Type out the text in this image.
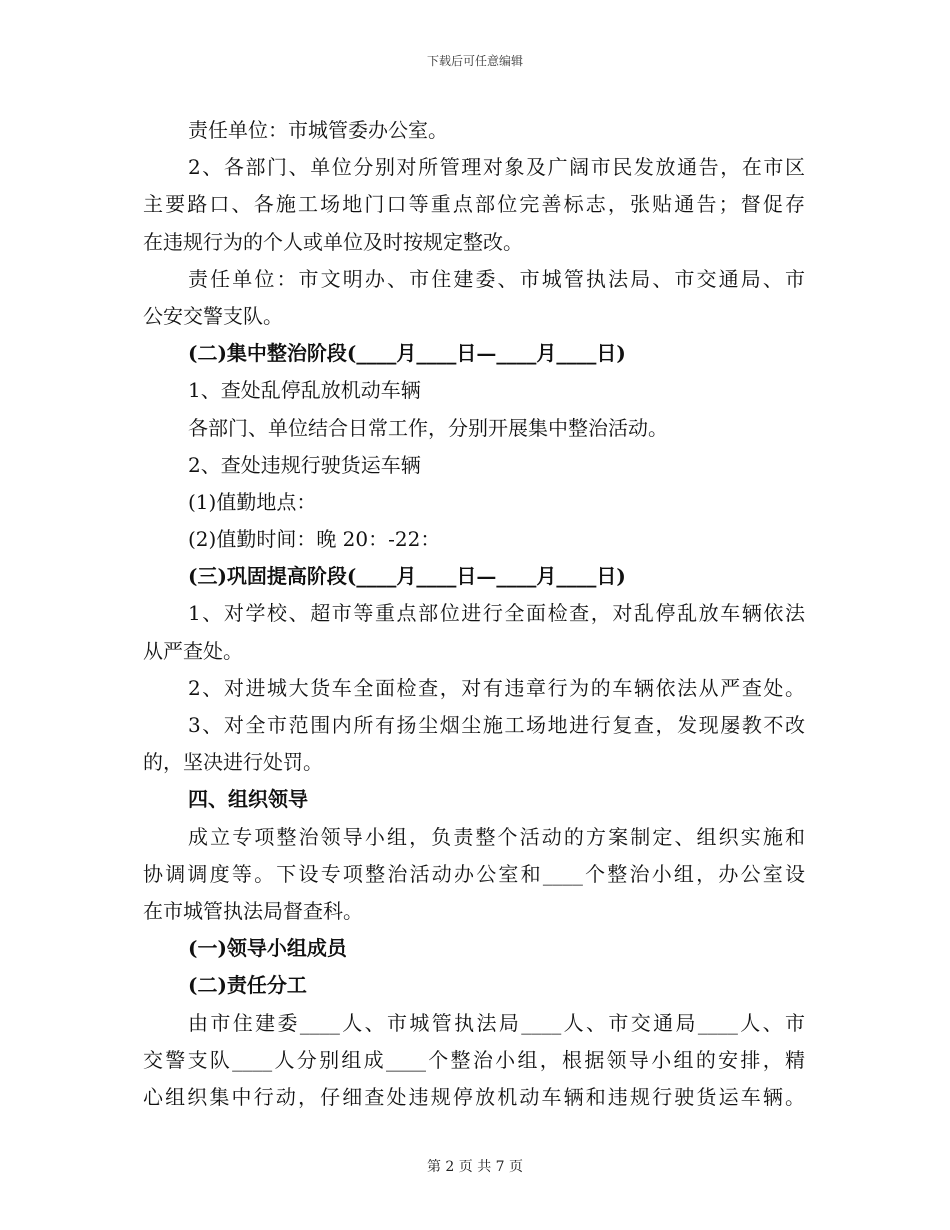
下载后可任意编辑
责任单位：市城管委办公室。
2、各部门、单位分别对所管理对象及广阔市民发放通告，在市区
主要路口、各施工场地门口等重点部位完善标志，张贴通告；督促存
在违规行为的个人或单位及时按规定整改。
责任单位：市文明办、市住建委、市城管执法局、市交通局、市
公安交警支队。
(二)集中整治阶段(____月____日—____月____日)
1、查处乱停乱放机动车辆
各部门、单位结合日常工作，分别开展集中整治活动。
2、查处违规行驶货运车辆
(1)值勤地点：
(2)值勤时间：晚 20：-22：
(三)巩固提高阶段(____月____日—____月____日)
1、对学校、超市等重点部位进行全面检查，对乱停乱放车辆依法
从严查处。
2、对进城大货车全面检查，对有违章行为的车辆依法从严查处。
3、对全市范围内所有扬尘烟尘施工场地进行复查，发现屡教不改
的，坚决进行处罚。
四、组织领导
成立专项整治领导小组，负责整个活动的方案制定、组织实施和
协调调度等。下设专项整治活动办公室和____个整治小组，办公室设
在市城管执法局督查科。
(一)领导小组成员
(二)责任分工
由市住建委____人、市城管执法局____人、市交通局____人、市
交警支队____人分别组成____个整治小组，根据领导小组的安排，精
心组织集中行动，仔细查处违规停放机动车辆和违规行驶货运车辆。
第 2 页 共 7 页
